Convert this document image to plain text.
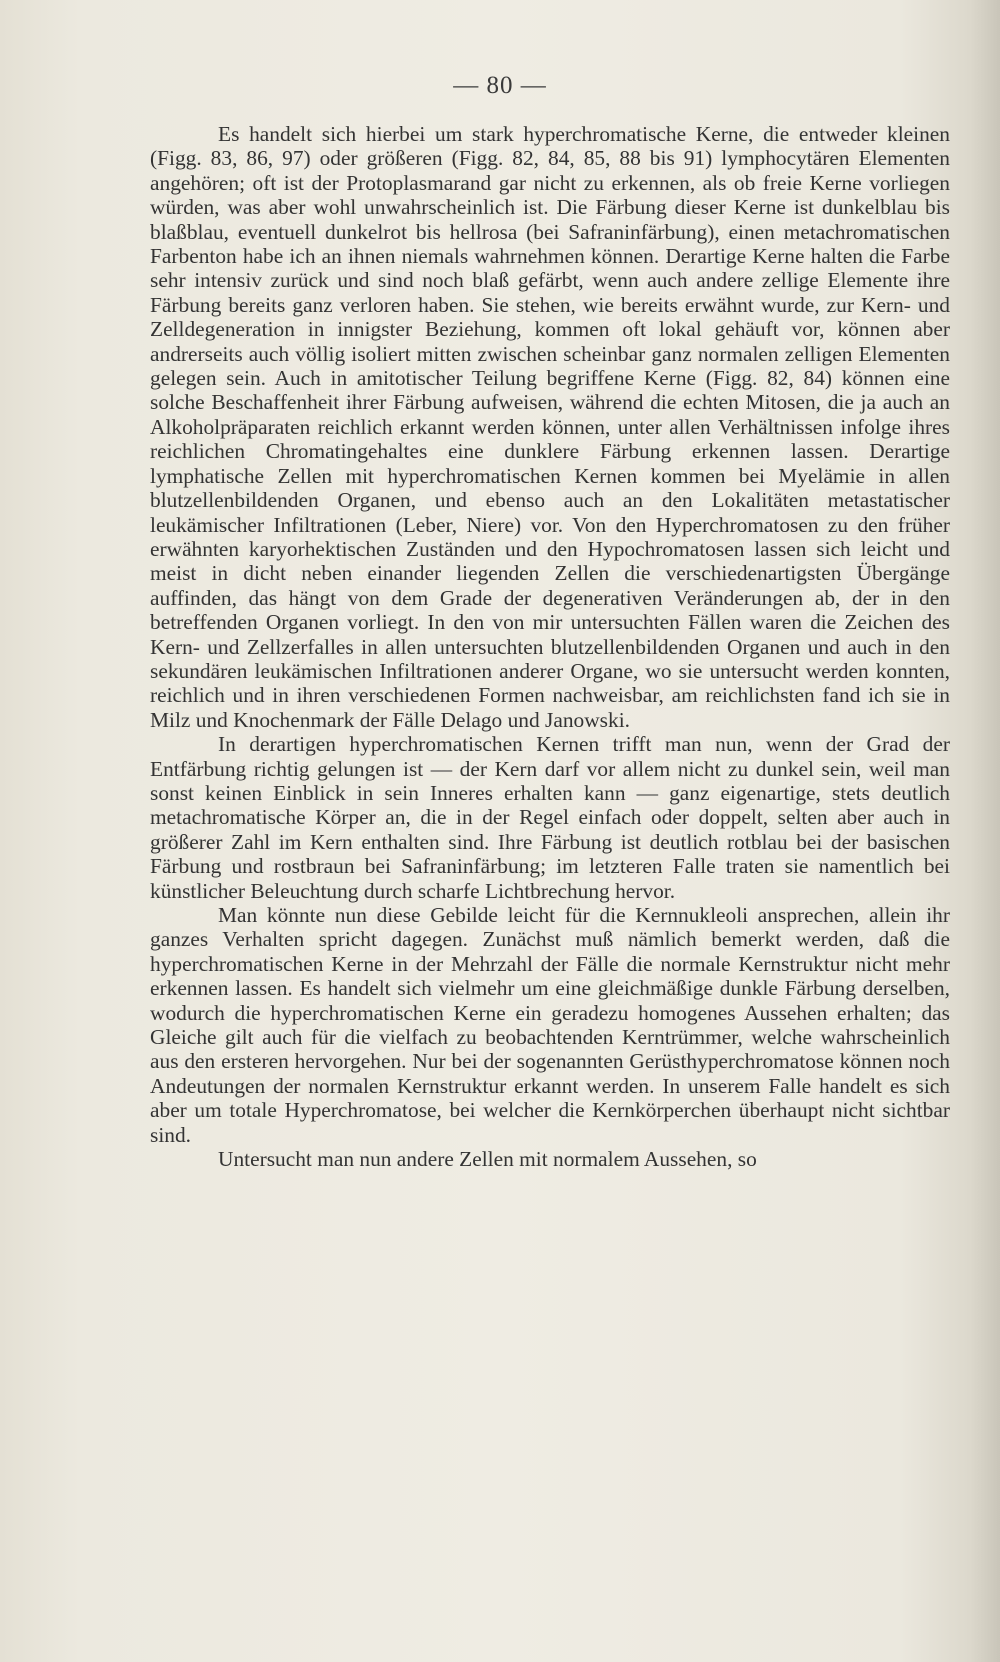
— 80 —

Es handelt sich hierbei um stark hyperchromatische Kerne, die entweder kleinen (Figg. 83, 86, 97) oder größeren (Figg. 82, 84, 85, 88 bis 91) lymphocytären Elementen angehören; oft ist der Protoplasmarand gar nicht zu erkennen, als ob freie Kerne vorliegen würden, was aber wohl unwahrscheinlich ist. Die Färbung dieser Kerne ist dunkelblau bis blaßblau, eventuell dunkelrot bis hellrosa (bei Safraninfärbung), einen metachromatischen Farbenton habe ich an ihnen niemals wahrnehmen können. Derartige Kerne halten die Farbe sehr intensiv zurück und sind noch blaß gefärbt, wenn auch andere zellige Elemente ihre Färbung bereits ganz verloren haben. Sie stehen, wie bereits erwähnt wurde, zur Kern- und Zelldegeneration in innigster Beziehung, kommen oft lokal gehäuft vor, können aber andrerseits auch völlig isoliert mitten zwischen scheinbar ganz normalen zelligen Elementen gelegen sein. Auch in amitotischer Teilung begriffene Kerne (Figg. 82, 84) können eine solche Beschaffenheit ihrer Färbung aufweisen, während die echten Mitosen, die ja auch an Alkoholpräparaten reichlich erkannt werden können, unter allen Verhältnissen infolge ihres reichlichen Chromatingehaltes eine dunklere Färbung erkennen lassen. Derartige lymphatische Zellen mit hyperchromatischen Kernen kommen bei Myelämie in allen blutzellenbildenden Organen, und ebenso auch an den Lokalitäten metastatischer leukämischer Infiltrationen (Leber, Niere) vor. Von den Hyperchromatosen zu den früher erwähnten karyorhektischen Zuständen und den Hypochromatosen lassen sich leicht und meist in dicht neben einander liegenden Zellen die verschiedenartigsten Übergänge auffinden, das hängt von dem Grade der degenerativen Veränderungen ab, der in den betreffenden Organen vorliegt. In den von mir untersuchten Fällen waren die Zeichen des Kern- und Zellzerfalles in allen untersuchten blutzellenbildenden Organen und auch in den sekundären leukämischen Infiltrationen anderer Organe, wo sie untersucht werden konnten, reichlich und in ihren verschiedenen Formen nachweisbar, am reichlichsten fand ich sie in Milz und Knochenmark der Fälle Delago und Janowski.

In derartigen hyperchromatischen Kernen trifft man nun, wenn der Grad der Entfärbung richtig gelungen ist — der Kern darf vor allem nicht zu dunkel sein, weil man sonst keinen Einblick in sein Inneres erhalten kann — ganz eigenartige, stets deutlich metachromatische Körper an, die in der Regel einfach oder doppelt, selten aber auch in größerer Zahl im Kern enthalten sind. Ihre Färbung ist deutlich rotblau bei der basischen Färbung und rostbraun bei Safraninfärbung; im letzteren Falle traten sie namentlich bei künstlicher Beleuchtung durch scharfe Lichtbrechung hervor.

Man könnte nun diese Gebilde leicht für die Kernnukleoli ansprechen, allein ihr ganzes Verhalten spricht dagegen. Zunächst muß nämlich bemerkt werden, daß die hyperchromatischen Kerne in der Mehrzahl der Fälle die normale Kernstruktur nicht mehr erkennen lassen. Es handelt sich vielmehr um eine gleichmäßige dunkle Färbung derselben, wodurch die hyperchromatischen Kerne ein geradezu homogenes Aussehen erhalten; das Gleiche gilt auch für die vielfach zu beobachtenden Kerntrümmer, welche wahrscheinlich aus den ersteren hervorgehen. Nur bei der sogenannten Gerüsthyperchromatose können noch Andeutungen der normalen Kernstruktur erkannt werden. In unserem Falle handelt es sich aber um totale Hyperchromatose, bei welcher die Kernkörperchen überhaupt nicht sichtbar sind.

Untersucht man nun andere Zellen mit normalem Aussehen, so
